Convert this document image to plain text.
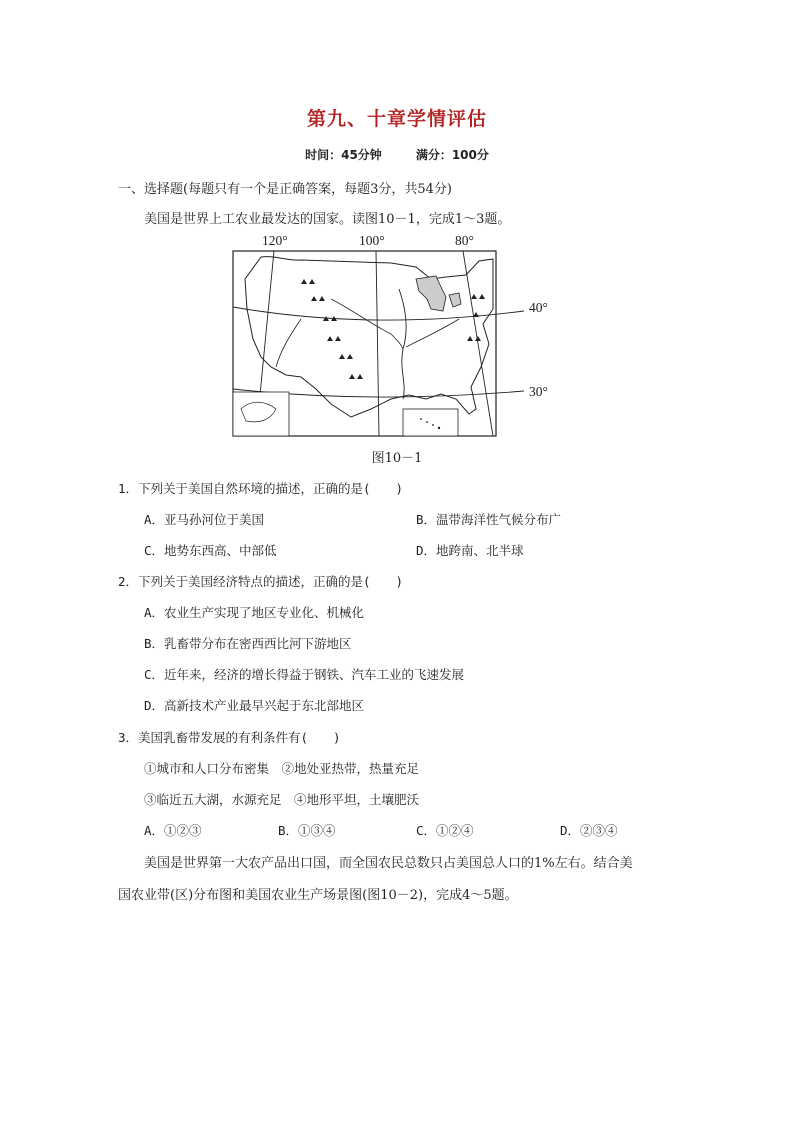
第九、十章学情评估
时间：45分钟	满分：100分
一、选择题(每题只有一个是正确答案，每题3分，共54分)
美国是世界上工农业最发达的国家。读图10－1，完成1～3题。
120°	100°	80°
40°
30°
图10－1
1．下列关于美国自然环境的描述，正确的是(　　)
A．亚马孙河位于美国	B．温带海洋性气候分布广
C．地势东西高、中部低	D．地跨南、北半球
2．下列关于美国经济特点的描述，正确的是(　　)
A．农业生产实现了地区专业化、机械化
B．乳畜带分布在密西西比河下游地区
C．近年来，经济的增长得益于钢铁、汽车工业的飞速发展
D．高新技术产业最早兴起于东北部地区
3．美国乳畜带发展的有利条件有(　　)
①城市和人口分布密集　②地处亚热带，热量充足
③临近五大湖，水源充足　④地形平坦，土壤肥沃
A．①②③	B．①③④	C．①②④	D．②③④
美国是世界第一大农产品出口国，而全国农民总数只占美国总人口的1%左右。结合美
国农业带(区)分布图和美国农业生产场景图(图10－2)，完成4～5题。
